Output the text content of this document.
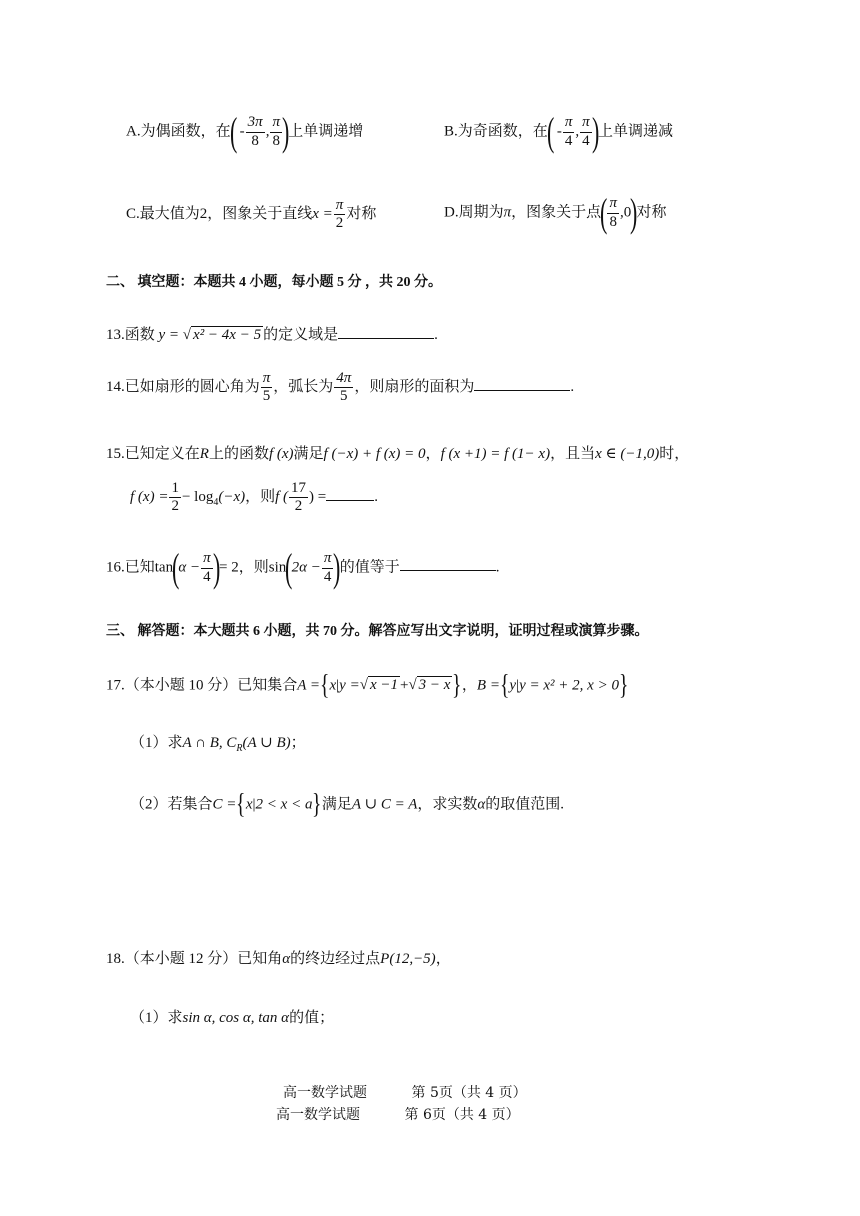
A.为偶函数，在( - $\frac{3\pi}{8}$ , $\frac{\pi}{8}$ )上单调递增	B.为奇函数，在( - $\frac{\pi}{4}$ , $\frac{\pi}{4}$ )上单调递减
C.最大值为2，图象关于直线$x = \frac{\pi}{2}$ 对称	D.周期为π，图象关于点( $\frac{\pi}{8} ,0$)对称
二、 填空题：本题共 4 小题，每小题 5 分 ，共 20 分。
13.函数 y = √ x² − 4x − 5 的定义域是	.
14.已如扇形的圆心角为 $\frac{\pi}{5}$ ，弧长为 $\frac{4\pi}{5}$ ，则扇形的面积为	.
15.已知定义在R上的函数f (x)满足f (−x) + f (x) = 0，f (x +1) = f (1− x)，且当x ∈ (−1,0)时，
f $(x) = \frac{1}{2} - \log_4(-x)$，则f ( $\frac{17}{2}$ ) =	.
16.已知$\tan(\alpha - \frac{\pi}{4}$ )= 2，则$\sin(2\alpha - \frac{\pi}{4}$ )的值等于	.
三、 解答题：本大题共 6 小题，共 70 分。解答应写出文字说明，证明过程或演算步骤。
17.（本小题 10 分）已知集合A ={x|y =√ x −1 +√ 3 − x}，B ={y|y = x² + 2, x > 0}
（1）求A ∩ B, $C_R(A$ ∪ B)；
（2）若集合C ={x|2 < x < a}满足A ∪ C = A，求实数α的取值范围.
18.（本小题 12 分）已知角α的终边经过点P(12,−5)，
（1）求sin α, cos α, tan α的值；
高一数学试题          第 5页（共 4 页）
高一数学试题          第 6页（共 4 页）
